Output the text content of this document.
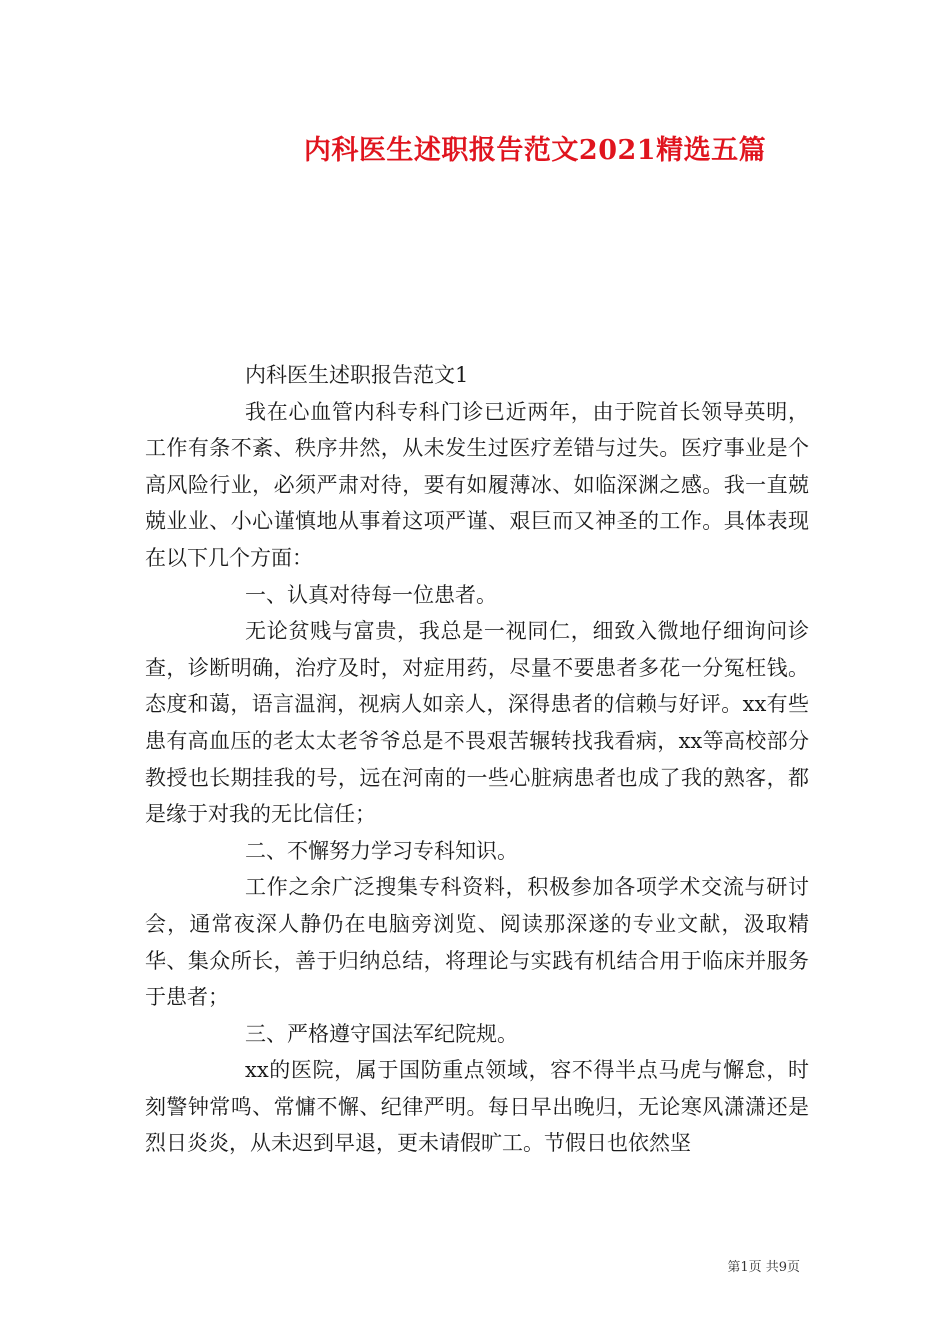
内科医生述职报告范文2021精选五篇

内科医生述职报告范文1

我在心血管内科专科门诊已近两年，由于院首长领导英明，工作有条不紊、秩序井然，从未发生过医疗差错与过失。医疗事业是个高风险行业，必须严肃对待，要有如履薄冰、如临深渊之感。我一直兢兢业业、小心谨慎地从事着这项严谨、艰巨而又神圣的工作。具体表现在以下几个方面：

一、认真对待每一位患者。

无论贫贱与富贵，我总是一视同仁，细致入微地仔细询问诊查，诊断明确，治疗及时，对症用药，尽量不要患者多花一分冤枉钱。态度和蔼，语言温润，视病人如亲人，深得患者的信赖与好评。xx有些患有高血压的老太太老爷爷总是不畏艰苦辗转找我看病，xx等高校部分教授也长期挂我的号，远在河南的一些心脏病患者也成了我的熟客，都是缘于对我的无比信任；

二、不懈努力学习专科知识。

工作之余广泛搜集专科资料，积极参加各项学术交流与研讨会，通常夜深人静仍在电脑旁浏览、阅读那深遂的专业文献，汲取精华、集众所长，善于归纳总结，将理论与实践有机结合用于临床并服务于患者；

三、严格遵守国法军纪院规。

xx的医院，属于国防重点领域，容不得半点马虎与懈怠，时刻警钟常鸣、常慵不懈、纪律严明。每日早出晚归，无论寒风潇潇还是烈日炎炎，从未迟到早退，更未请假旷工。节假日也依然坚

第1页 共9页
